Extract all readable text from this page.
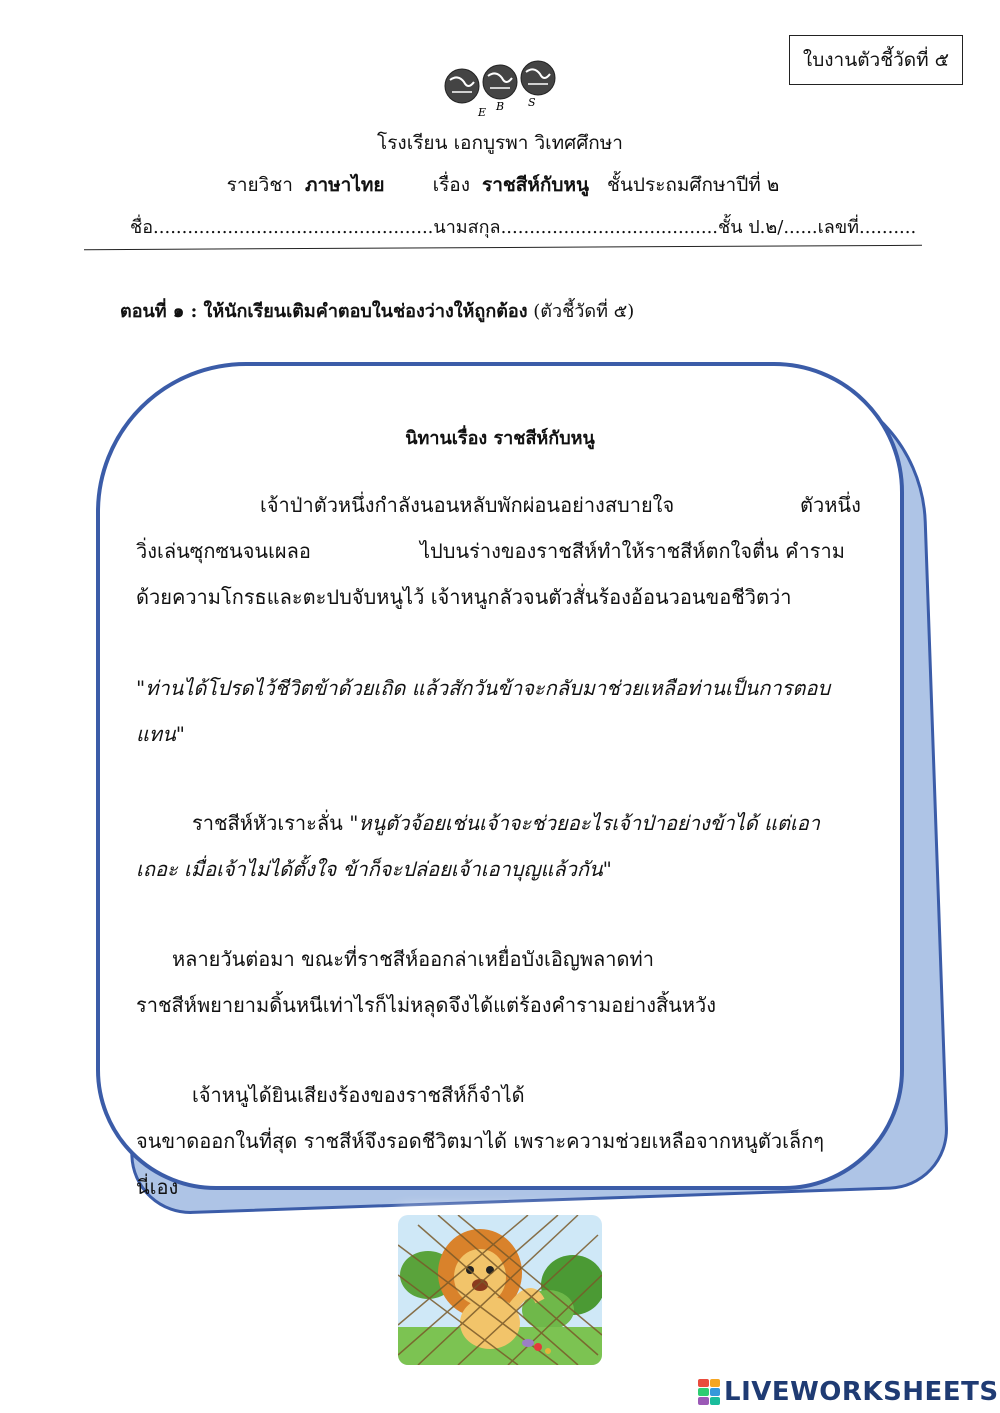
ใบงานตัวชี้วัดที่ ๕
E B S
โรงเรียน เอกบูรพา วิเทศศึกษา
รายวิชา ภาษาไทย	เรื่อง ราชสีห์กับหนู ชั้นประถมศึกษาปีที่ ๒
ชื่อ.................................................นามสกุล......................................ชั้น ป.๒/......เลขที่..........
ตอนที่ ๑ : ให้นักเรียนเติมคำตอบในช่องว่างให้ถูกต้อง (ตัวชี้วัดที่ ๕)
นิทานเรื่อง ราชสีห์กับหนู
เจ้าป่าตัวหนึ่งกำลังนอนหลับพักผ่อนอย่างสบายใจ	ตัวหนึ่ง
วิ่งเล่นซุกซนจนเผลอ	ไปบนร่างของราชสีห์ทำให้ราชสีห์ตกใจตื่น คำราม
ด้วยความโกรธและตะปบจับหนูไว้ เจ้าหนูกลัวจนตัวสั่นร้องอ้อนวอนขอชีวิตว่า
"ท่านได้โปรดไว้ชีวิตข้าด้วยเถิด แล้วสักวันข้าจะกลับมาช่วยเหลือท่านเป็นการตอบ
แทน"
ราชสีห์หัวเราะลั่น "หนูตัวจ้อยเช่นเจ้าจะช่วยอะไรเจ้าป่าอย่างข้าได้ แต่เอา
เถอะ เมื่อเจ้าไม่ได้ตั้งใจ ข้าก็จะปล่อยเจ้าเอาบุญแล้วกัน"
หลายวันต่อมา ขณะที่ราชสีห์ออกล่าเหยื่อบังเอิญพลาดท่า
ราชสีห์พยายามดิ้นหนีเท่าไรก็ไม่หลุดจึงได้แต่ร้องคำรามอย่างสิ้นหวัง
เจ้าหนูได้ยินเสียงร้องของราชสีห์ก็จำได้
จนขาดออกในที่สุด ราชสีห์จึงรอดชีวิตมาได้ เพราะความช่วยเหลือจากหนูตัวเล็กๆ
นี่เอง
LIVEWORKSHEETS
